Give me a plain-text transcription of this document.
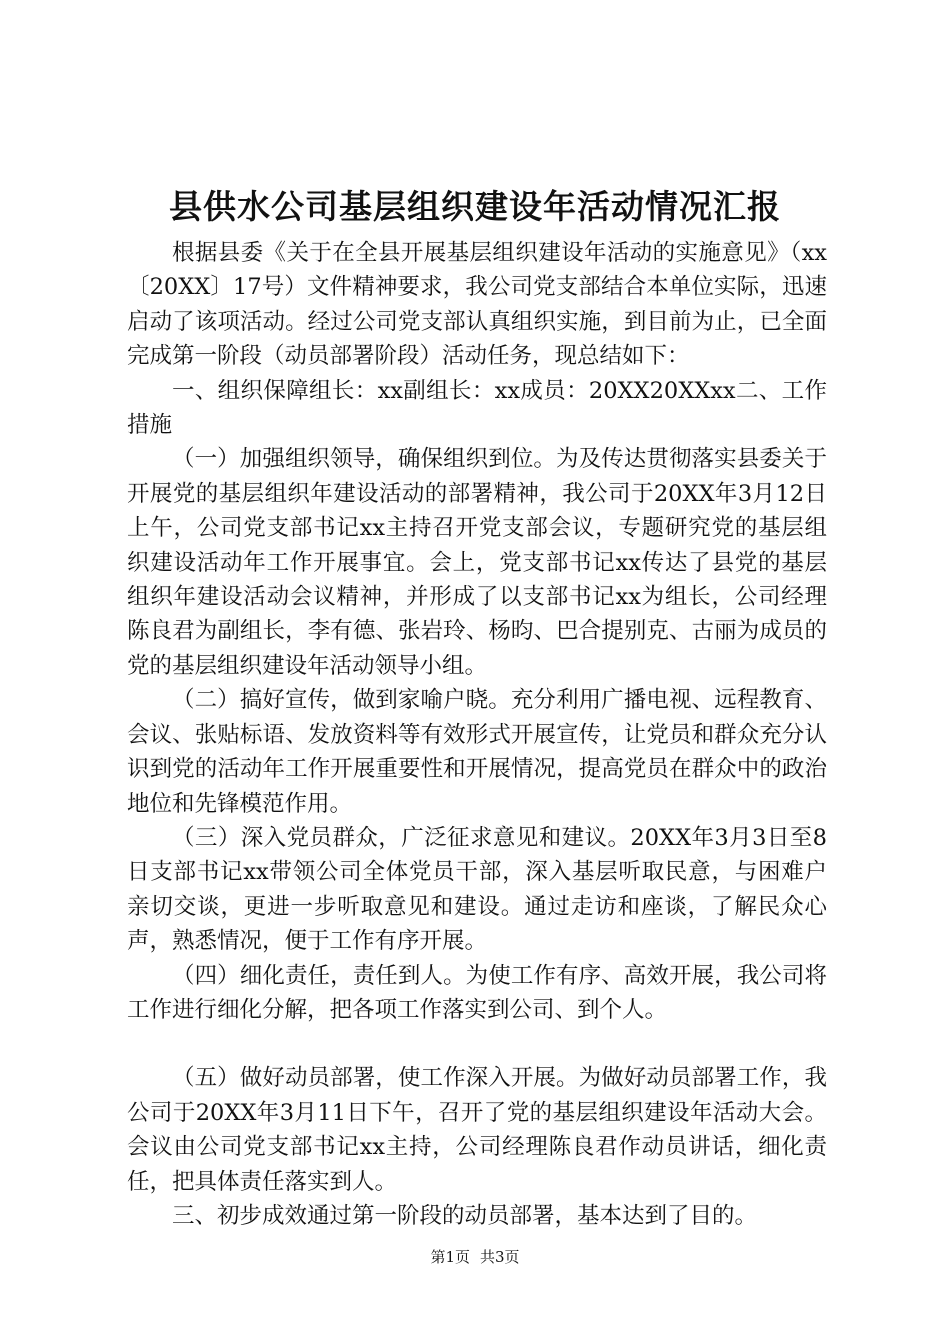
县供水公司基层组织建设年活动情况汇报

根据县委《关于在全县开展基层组织建设年活动的实施意见》（xx〔20XX〕17号）文件精神要求，我公司党支部结合本单位实际，迅速启动了该项活动。经过公司党支部认真组织实施，到目前为止，已全面完成第一阶段（动员部署阶段）活动任务，现总结如下：

一、组织保障组长：xx副组长：xx成员：20XX20XXxx二、工作措施

（一）加强组织领导，确保组织到位。为及传达贯彻落实县委关于开展党的基层组织年建设活动的部署精神，我公司于20XX年3月12日上午，公司党支部书记xx主持召开党支部会议，专题研究党的基层组织建设活动年工作开展事宜。会上，党支部书记xx传达了县党的基层组织年建设活动会议精神，并形成了以支部书记xx为组长，公司经理陈良君为副组长，李有德、张岩玲、杨昀、巴合提别克、古丽为成员的党的基层组织建设年活动领导小组。

（二）搞好宣传，做到家喻户晓。充分利用广播电视、远程教育、会议、张贴标语、发放资料等有效形式开展宣传，让党员和群众充分认识到党的活动年工作开展重要性和开展情况，提高党员在群众中的政治地位和先锋模范作用。

（三）深入党员群众，广泛征求意见和建议。20XX年3月3日至8日支部书记xx带领公司全体党员干部，深入基层听取民意，与困难户亲切交谈，更进一步听取意见和建设。通过走访和座谈，了解民众心声，熟悉情况，便于工作有序开展。

（四）细化责任，责任到人。为使工作有序、高效开展，我公司将工作进行细化分解，把各项工作落实到公司、到个人。

（五）做好动员部署，使工作深入开展。为做好动员部署工作，我公司于20XX年3月11日下午，召开了党的基层组织建设年活动大会。会议由公司党支部书记xx主持，公司经理陈良君作动员讲话，细化责任，把具体责任落实到人。

三、初步成效通过第一阶段的动员部署，基本达到了目的。

第1页 共3页
